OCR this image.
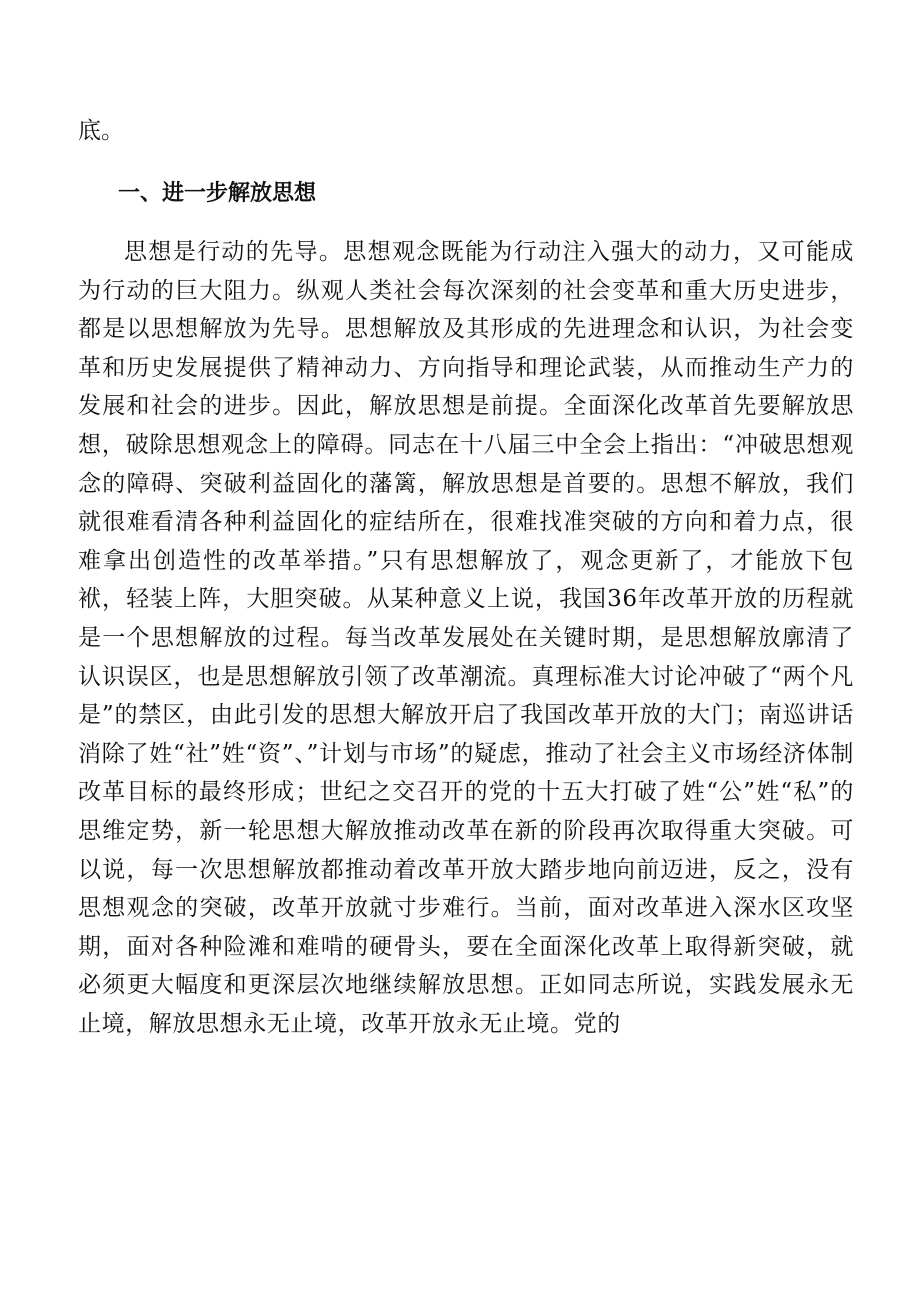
底。

一、进一步解放思想

思想是行动的先导。思想观念既能为行动注入强大的动力，又可能成为行动的巨大阻力。纵观人类社会每次深刻的社会变革和重大历史进步，都是以思想解放为先导。思想解放及其形成的先进理念和认识，为社会变革和历史发展提供了精神动力、方向指导和理论武装，从而推动生产力的发展和社会的进步。因此，解放思想是前提。全面深化改革首先要解放思想，破除思想观念上的障碍。同志在十八届三中全会上指出：“冲破思想观念的障碍、突破利益固化的藩篱，解放思想是首要的。思想不解放，我们就很难看清各种利益固化的症结所在，很难找准突破的方向和着力点，很难拿出创造性的改革举措。”只有思想解放了，观念更新了，才能放下包袱，轻装上阵，大胆突破。从某种意义上说，我国36年改革开放的历程就是一个思想解放的过程。每当改革发展处在关键时期，是思想解放廓清了认识误区，也是思想解放引领了改革潮流。真理标准大讨论冲破了“两个凡是”的禁区，由此引发的思想大解放开启了我国改革开放的大门；南巡讲话消除了姓“社”姓“资”、”计划与市场”的疑虑，推动了社会主义市场经济体制改革目标的最终形成；世纪之交召开的党的十五大打破了姓“公”姓“私”的思维定势，新一轮思想大解放推动改革在新的阶段再次取得重大突破。可以说，每一次思想解放都推动着改革开放大踏步地向前迈进，反之，没有思想观念的突破，改革开放就寸步难行。当前，面对改革进入深水区攻坚期，面对各种险滩和难啃的硬骨头，要在全面深化改革上取得新突破，就必须更大幅度和更深层次地继续解放思想。正如同志所说，实践发展永无止境，解放思想永无止境，改革开放永无止境。党的
